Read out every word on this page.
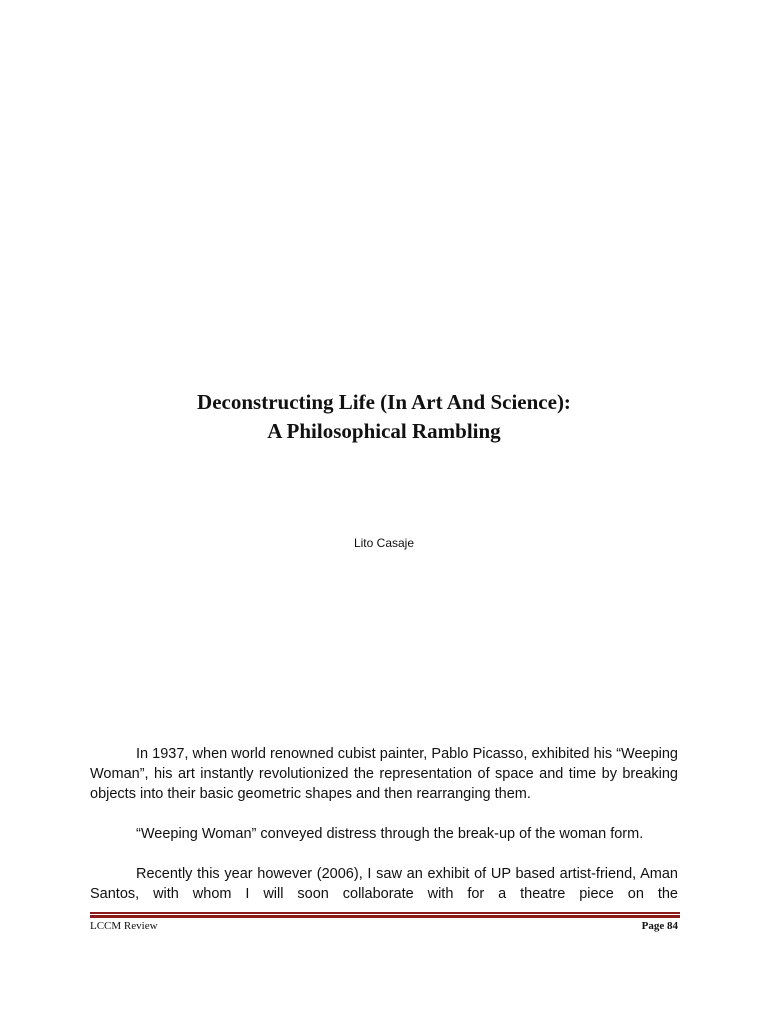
Deconstructing Life (In Art And Science):
A Philosophical Rambling

Lito Casaje

In 1937, when world renowned cubist painter, Pablo Picasso, exhibited his “Weeping Woman”, his art instantly revolutionized the representation of space and time by breaking objects into their basic geometric shapes and then rearranging them.

“Weeping Woman” conveyed distress through the break-up of the woman form.

Recently this year however (2006), I saw an exhibit of UP based artist-friend, Aman Santos, with whom I will soon collaborate with for a theatre piece on the

LCCM Review	Page 84
